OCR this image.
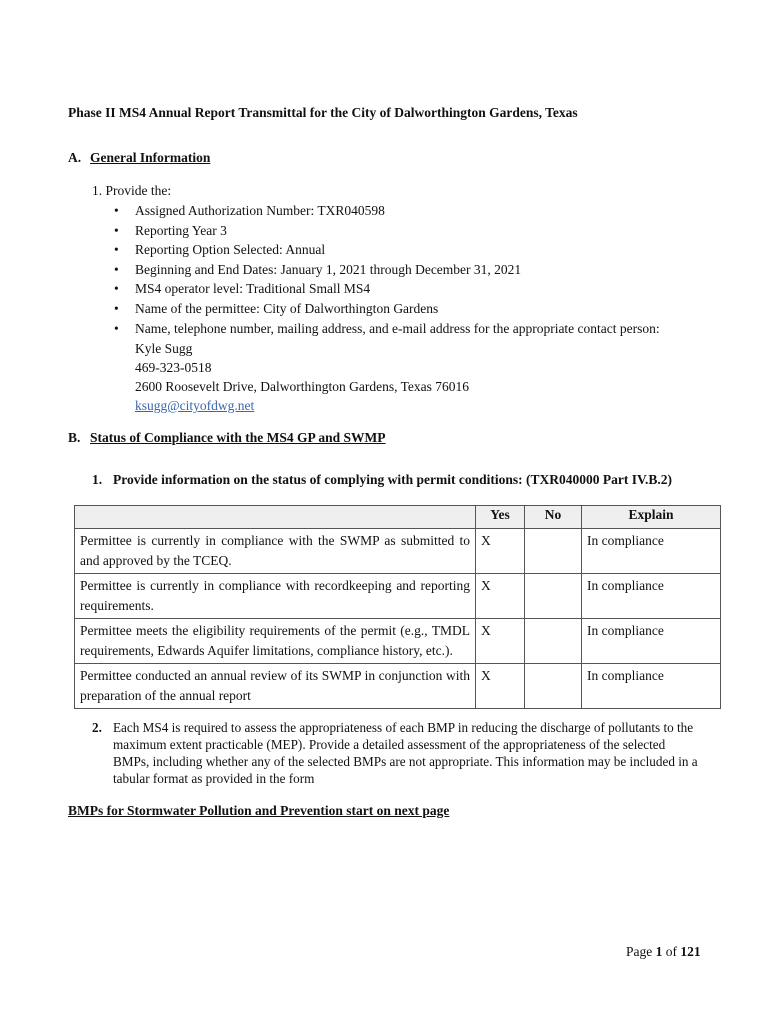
Phase II MS4 Annual Report Transmittal for the City of Dalworthington Gardens, Texas
A. General Information
1. Provide the:
• Assigned Authorization Number: TXR040598
• Reporting Year 3
• Reporting Option Selected: Annual
• Beginning and End Dates: January 1, 2021 through December 31, 2021
• MS4 operator level: Traditional Small MS4
• Name of the permittee: City of Dalworthington Gardens
• Name, telephone number, mailing address, and e-mail address for the appropriate contact person:
Kyle Sugg
469-323-0518
2600 Roosevelt Drive, Dalworthington Gardens, Texas 76016
ksugg@cityofdwg.net
B. Status of Compliance with the MS4 GP and SWMP
1. Provide information on the status of complying with permit conditions: (TXR040000 Part IV.B.2)
	Yes	No	Explain
Permittee is currently in compliance with the SWMP as submitted to and approved by the TCEQ.	X		In compliance
Permittee is currently in compliance with recordkeeping and reporting requirements.	X		In compliance
Permittee meets the eligibility requirements of the permit (e.g., TMDL requirements, Edwards Aquifer limitations, compliance history, etc.).	X		In compliance
Permittee conducted an annual review of its SWMP in conjunction with preparation of the annual report	X		In compliance
2. Each MS4 is required to assess the appropriateness of each BMP in reducing the discharge of pollutants to the maximum extent practicable (MEP). Provide a detailed assessment of the appropriateness of the selected BMPs, including whether any of the selected BMPs are not appropriate. This information may be included in a tabular format as provided in the form
BMPs for Stormwater Pollution and Prevention start on next page
Page 1 of 121
